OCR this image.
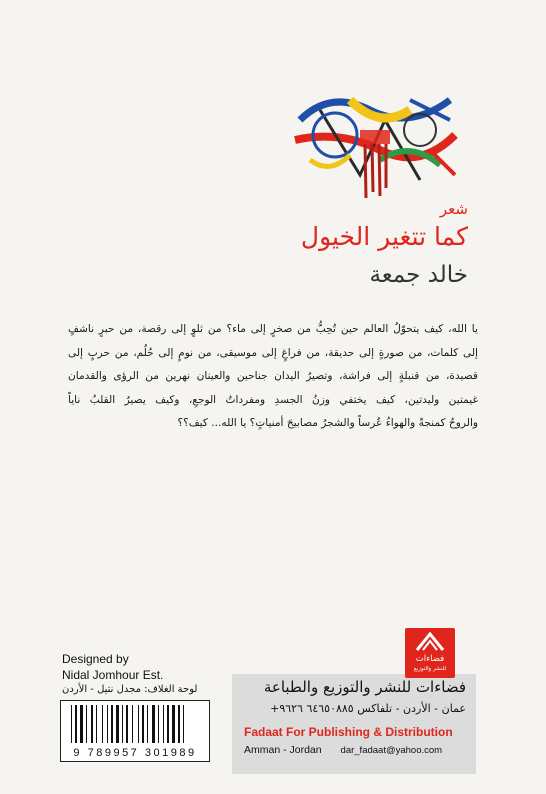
شعر
كما تتغير الخيول
خالد جمعة

يا الله، كيف يتحوّلُ العالم حين تُحِبُّ من صخرٍ إلى ماء؟ من ثلوٍ إلى رقصة، من حبرٍ ناشفٍ

إلى كلمات، من صورةٍ إلى حديقة، من فراغٍ إلى موسيقى، من نومٍ إلى حُلُم، من حربٍ إلى

قصيدة، من قنبلةٍ إلى فراشة، وتصيرُ اليدان جناحين والعينان نهرين من الرؤى والقدمان

غيمتين وليدتين، كيف يختفي وزنُ الجسدِ ومفرداتُ الوجعِ، وكيف يصيرُ القلبُ ناياً

والروحُ كمنجةً والهواءُ عُرساً والشجرُ مصابيحَ أمنياتٍ؟ يا الله... كيف؟؟

Designed by
Nidal Jomhour Est.
لوحة الغلاف: مجدل نتيل - الأردن
9 789957 301989
فضاءات للنشر والتوزيع والطباعة
عمان - الأردن - تلفاكس ٦٤٦٥٠٨٨٥ ٩٦٢٦+
Fadaat For Publishing & Distribution
Amman - Jordan dar_fadaat@yahoo.com
فضاءات
للنشر والتوزيع
